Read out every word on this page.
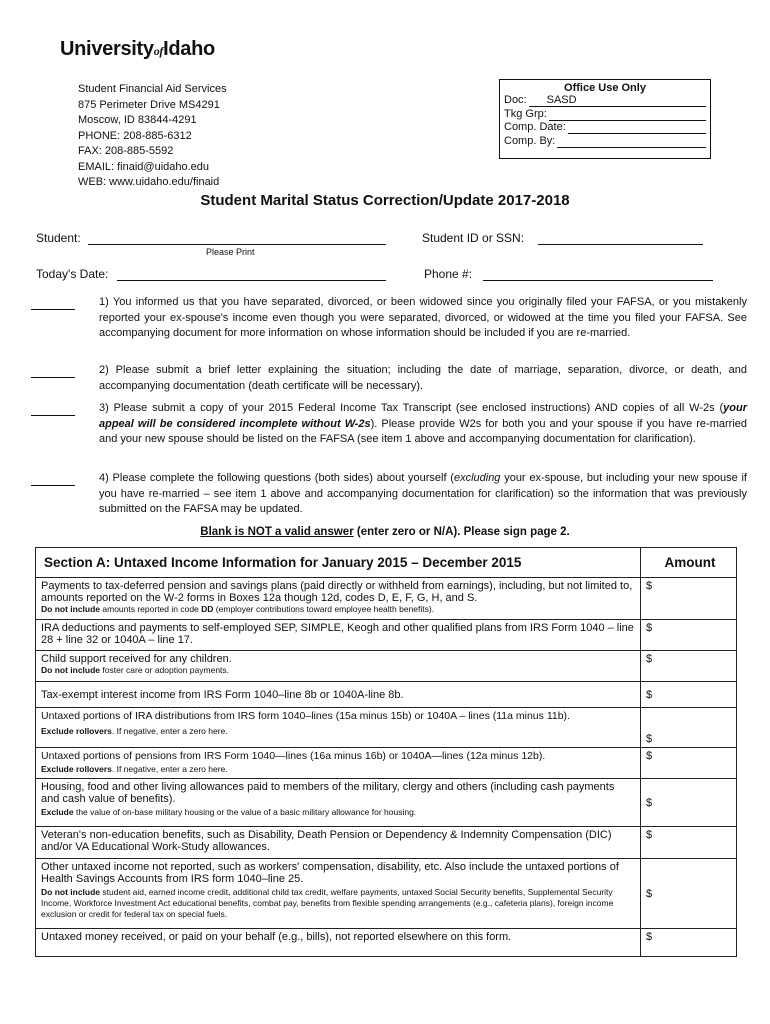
UniversityofIdaho
Student Financial Aid Services
875 Perimeter Drive MS4291
Moscow, ID 83844-4291
PHONE: 208-885-6312
FAX: 208-885-5592
EMAIL: finaid@uidaho.edu
WEB: www.uidaho.edu/finaid
Office Use Only
Doc:	SASD
Tkg Grp:
Comp. Date:
Comp. By:
Student Marital Status Correction/Update 2017-2018
Student:
Please Print
Student ID or SSN:
Today's Date:	Phone #:
1) You informed us that you have separated, divorced, or been widowed since you originally filed your FAFSA, or you mistakenly reported your ex-spouse's income even though you were separated, divorced, or widowed at the time you filed your FAFSA. See accompanying document for more information on whose information should be included if you are re-married.
2) Please submit a brief letter explaining the situation; including the date of marriage, separation, divorce, or death, and accompanying documentation (death certificate will be necessary).
3) Please submit a copy of your 2015 Federal Income Tax Transcript (see enclosed instructions) AND copies of all W-2s (your appeal will be considered incomplete without W-2s). Please provide W2s for both you and your spouse if you have re-married and your new spouse should be listed on the FAFSA (see item 1 above and accompanying documentation for clarification).
4) Please complete the following questions (both sides) about yourself (excluding your ex-spouse, but including your new spouse if you have re-married – see item 1 above and accompanying documentation for clarification) so the information that was previously submitted on the FAFSA may be updated.
Blank is NOT a valid answer (enter zero or N/A). Please sign page 2.
Section A: Untaxed Income Information for January 2015 – December 2015	Amount

Payments to tax-deferred pension and savings plans (paid directly or withheld from earnings), including, but not limited to, amounts reported on the W-2 forms in Boxes 12a though 12d, codes D, E, F, G, H, and S.
Do not include amounts reported in code DD (employer contributions toward employee health benefits).	$

IRA deductions and payments to self-employed SEP, SIMPLE, Keogh and other qualified plans from IRS Form 1040 – line 28 + line 32 or 1040A – line 17.	$

Child support received for any children.
Do not include foster care or adoption payments.	$

Tax-exempt interest income from IRS Form 1040–line 8b or 1040A-line 8b.	$

Untaxed portions of IRA distributions from IRS form 1040–lines (15a minus 15b) or 1040A – lines (11a minus 11b).
Exclude rollovers. If negative, enter a zero here.	$

Untaxed portions of pensions from IRS Form 1040—lines (16a minus 16b) or 1040A—lines (12a minus 12b).
Exclude rollovers. If negative, enter a zero here.	$

Housing, food and other living allowances paid to members of the military, clergy and others (including cash payments and cash value of benefits).
Exclude the value of on-base military housing or the value of a basic military allowance for housing.	$

Veteran's non-education benefits, such as Disability, Death Pension or Dependency & Indemnity Compensation (DIC) and/or VA Educational Work-Study allowances.	$

Other untaxed income not reported, such as workers' compensation, disability, etc. Also include the untaxed portions of Health Savings Accounts from IRS form 1040–line 25.
Do not include student aid, earned income credit, additional child tax credit, welfare payments, untaxed Social Security benefits, Supplemental Security Income, Workforce Investment Act educational benefits, combat pay, benefits from flexible spending arrangements (e.g., cafeteria plans), foreign income exclusion or credit for federal tax on special fuels.	$

Untaxed money received, or paid on your behalf (e.g., bills), not reported elsewhere on this form.	$
